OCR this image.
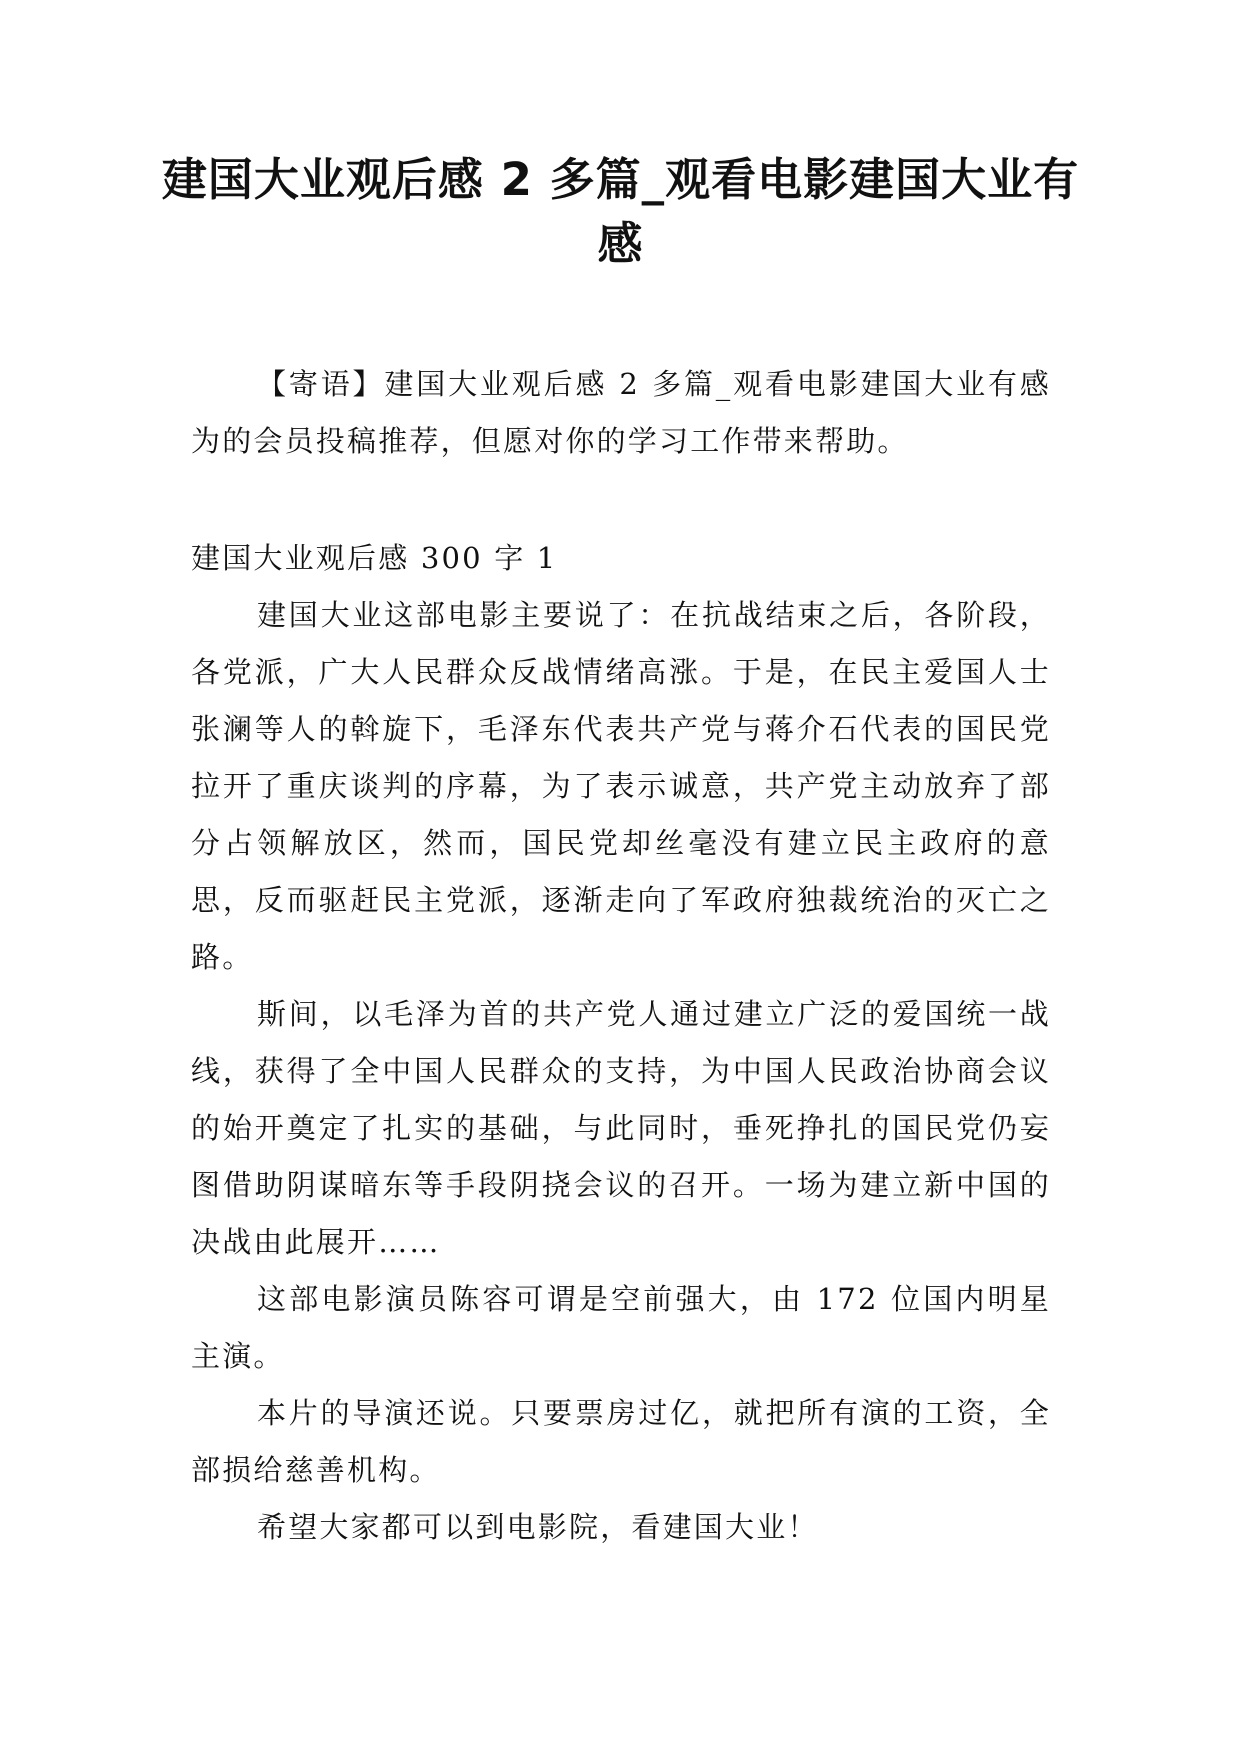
建国大业观后感 2 多篇_观看电影建国大业有感

【寄语】建国大业观后感 2 多篇_观看电影建国大业有感为的会员投稿推荐，但愿对你的学习工作带来帮助。

建国大业观后感 300 字 1

建国大业这部电影主要说了：在抗战结束之后，各阶段，各党派，广大人民群众反战情绪高涨。于是，在民主爱国人士张澜等人的斡旋下，毛泽东代表共产党与蒋介石代表的国民党拉开了重庆谈判的序幕，为了表示诚意，共产党主动放弃了部分占领解放区，然而，国民党却丝毫没有建立民主政府的意思，反而驱赶民主党派，逐渐走向了军政府独裁统治的灭亡之路。

斯间，以毛泽为首的共产党人通过建立广泛的爱国统一战线，获得了全中国人民群众的支持，为中国人民政治协商会议的始开奠定了扎实的基础，与此同时，垂死挣扎的国民党仍妄图借助阴谋暗东等手段阴挠会议的召开。一场为建立新中国的决战由此展开……

这部电影演员陈容可谓是空前强大，由 172 位国内明星主演。

本片的导演还说。只要票房过亿，就把所有演的工资，全部损给慈善机构。

希望大家都可以到电影院，看建国大业！
